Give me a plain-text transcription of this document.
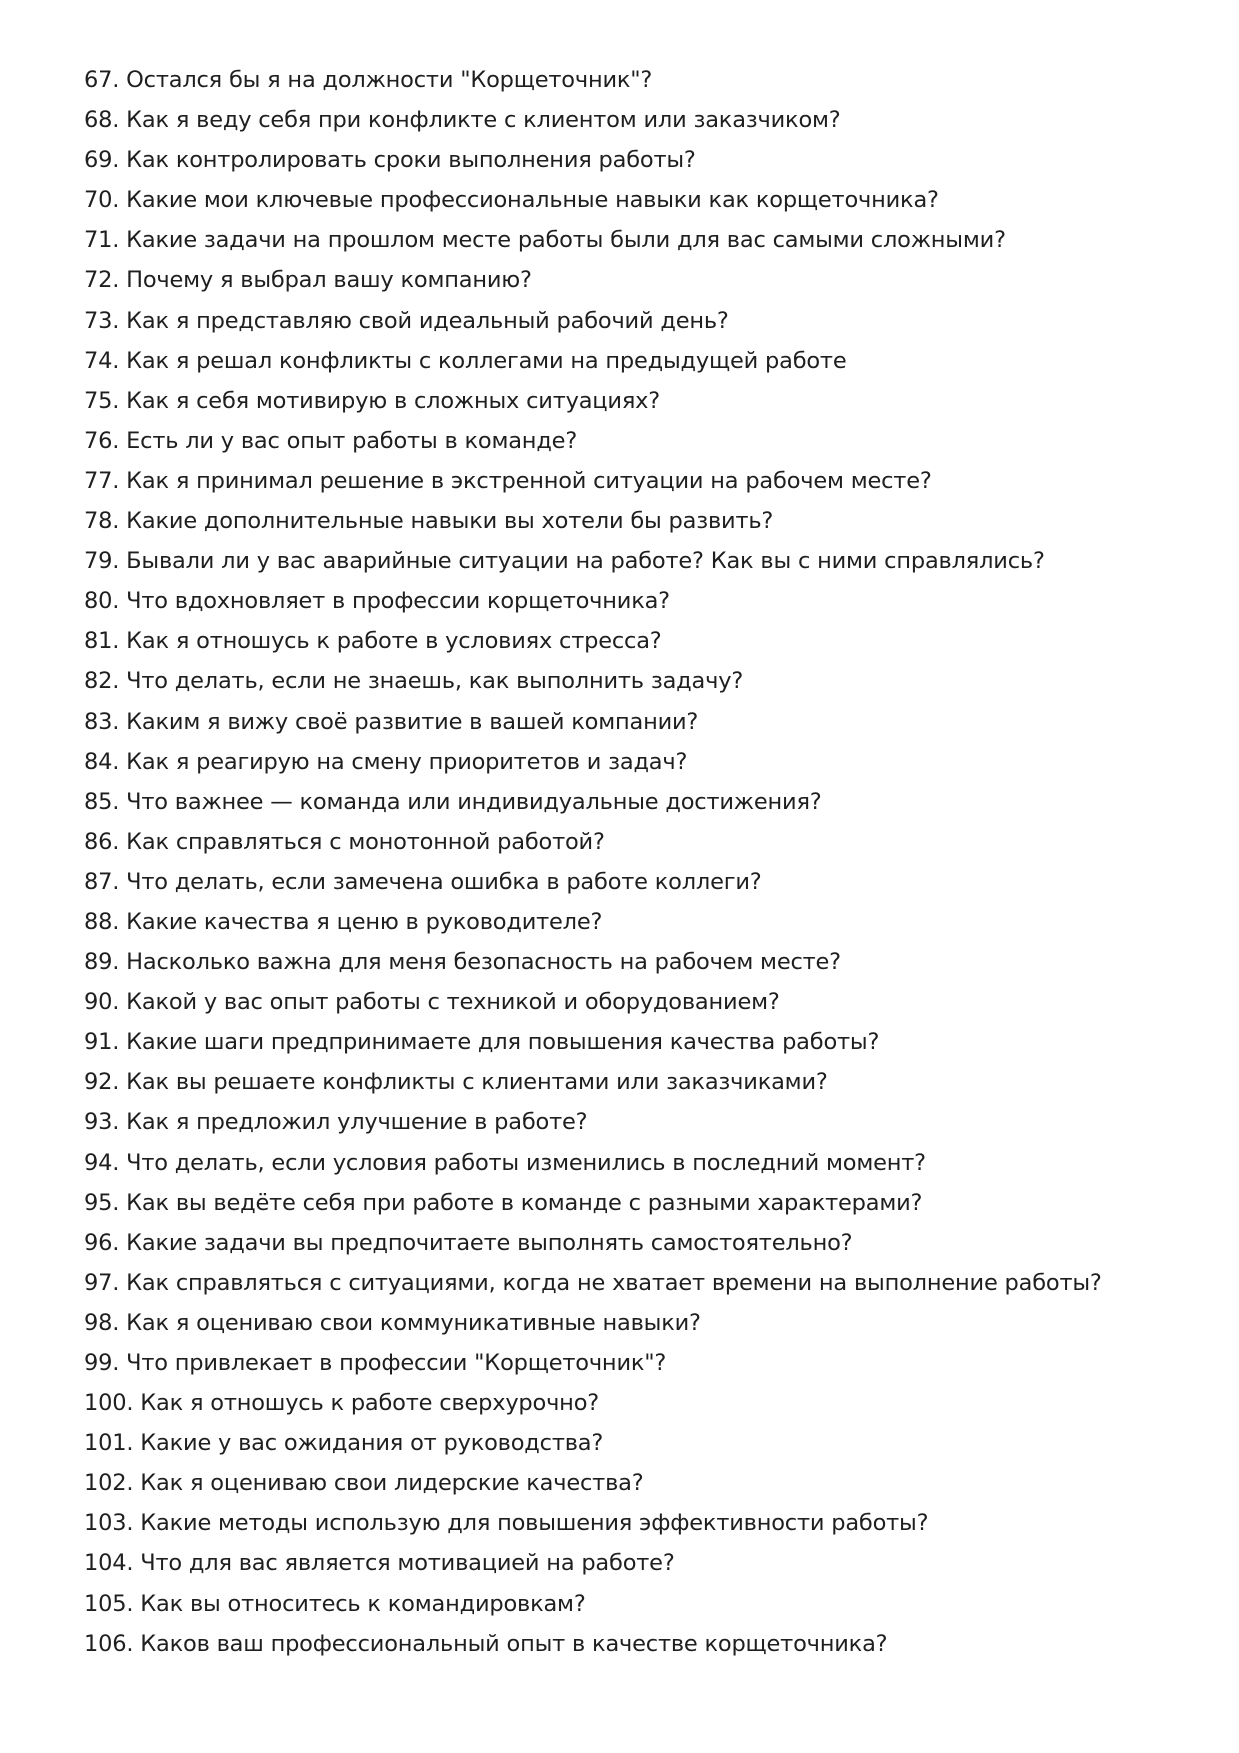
67. Остался бы я на должности "Корщеточник"?
68. Как я веду себя при конфликте с клиентом или заказчиком?
69. Как контролировать сроки выполнения работы?
70. Какие мои ключевые профессиональные навыки как корщеточника?
71. Какие задачи на прошлом месте работы были для вас самыми сложными?
72. Почему я выбрал вашу компанию?
73. Как я представляю свой идеальный рабочий день?
74. Как я решал конфликты с коллегами на предыдущей работе
75. Как я себя мотивирую в сложных ситуациях?
76. Есть ли у вас опыт работы в команде?
77. Как я принимал решение в экстренной ситуации на рабочем месте?
78. Какие дополнительные навыки вы хотели бы развить?
79. Бывали ли у вас аварийные ситуации на работе? Как вы с ними справлялись?
80. Что вдохновляет в профессии корщеточника?
81. Как я отношусь к работе в условиях стресса?
82. Что делать, если не знаешь, как выполнить задачу?
83. Каким я вижу своё развитие в вашей компании?
84. Как я реагирую на смену приоритетов и задач?
85. Что важнее — команда или индивидуальные достижения?
86. Как справляться с монотонной работой?
87. Что делать, если замечена ошибка в работе коллеги?
88. Какие качества я ценю в руководителе?
89. Насколько важна для меня безопасность на рабочем месте?
90. Какой у вас опыт работы с техникой и оборудованием?
91. Какие шаги предпринимаете для повышения качества работы?
92. Как вы решаете конфликты с клиентами или заказчиками?
93. Как я предложил улучшение в работе?
94. Что делать, если условия работы изменились в последний момент?
95. Как вы ведёте себя при работе в команде с разными характерами?
96. Какие задачи вы предпочитаете выполнять самостоятельно?
97. Как справляться с ситуациями, когда не хватает времени на выполнение работы?
98. Как я оцениваю свои коммуникативные навыки?
99. Что привлекает в профессии "Корщеточник"?
100. Как я отношусь к работе сверхурочно?
101. Какие у вас ожидания от руководства?
102. Как я оцениваю свои лидерские качества?
103. Какие методы использую для повышения эффективности работы?
104. Что для вас является мотивацией на работе?
105. Как вы относитесь к командировкам?
106. Каков ваш профессиональный опыт в качестве корщеточника?
